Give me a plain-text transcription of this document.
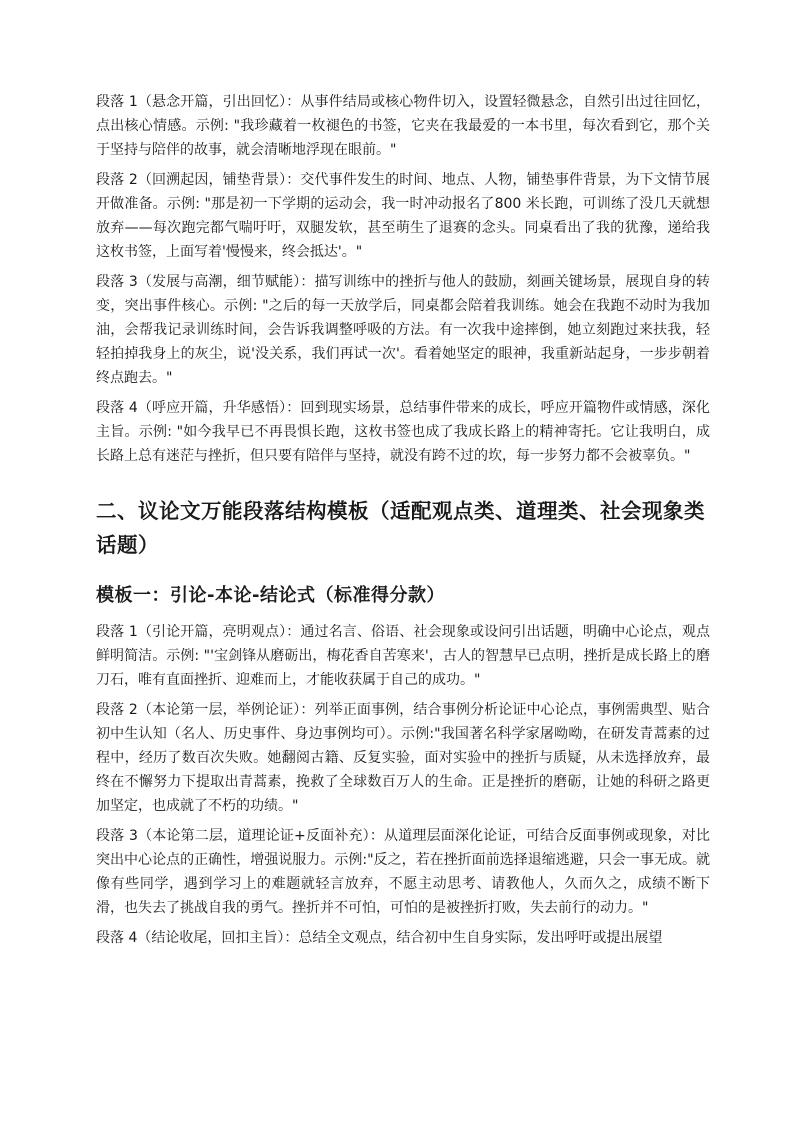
段落 1（悬念开篇，引出回忆）：从事件结局或核心物件切入，设置轻微悬念，自然引出过往回忆，点出核心情感。示例: "我珍藏着一枚褪色的书签，它夹在我最爱的一本书里，每次看到它，那个关于坚持与陪伴的故事，就会清晰地浮现在眼前。"

段落 2（回溯起因，铺垫背景）：交代事件发生的时间、地点、人物，铺垫事件背景，为下文情节展开做准备。示例: "那是初一下学期的运动会，我一时冲动报名了800 米长跑，可训练了没几天就想放弃——每次跑完都气喘吁吁，双腿发软，甚至萌生了退赛的念头。同桌看出了我的犹豫，递给我这枚书签，上面写着'慢慢来，终会抵达'。"

段落 3（发展与高潮，细节赋能）：描写训练中的挫折与他人的鼓励，刻画关键场景，展现自身的转变，突出事件核心。示例: "之后的每一天放学后，同桌都会陪着我训练。她会在我跑不动时为我加油，会帮我记录训练时间，会告诉我调整呼吸的方法。有一次我中途摔倒，她立刻跑过来扶我，轻轻拍掉我身上的灰尘，说'没关系，我们再试一次'。看着她坚定的眼神，我重新站起身，一步步朝着终点跑去。"

段落 4（呼应开篇，升华感悟）：回到现实场景，总结事件带来的成长，呼应开篇物件或情感，深化主旨。示例: "如今我早已不再畏惧长跑，这枚书签也成了我成长路上的精神寄托。它让我明白，成长路上总有迷茫与挫折，但只要有陪伴与坚持，就没有跨不过的坎，每一步努力都不会被辜负。"

二、议论文万能段落结构模板（适配观点类、道理类、社会现象类话题）
模板一：引论-本论-结论式（标准得分款）

段落 1（引论开篇，亮明观点）：通过名言、俗语、社会现象或设问引出话题，明确中心论点，观点鲜明简洁。示例: "'宝剑锋从磨砺出，梅花香自苦寒来'，古人的智慧早已点明，挫折是成长路上的磨刀石，唯有直面挫折、迎难而上，才能收获属于自己的成功。"

段落 2（本论第一层，举例论证）：列举正面事例，结合事例分析论证中心论点，事例需典型、贴合初中生认知（名人、历史事件、身边事例均可）。示例:"我国著名科学家屠呦呦，在研发青蒿素的过程中，经历了数百次失败。她翻阅古籍、反复实验，面对实验中的挫折与质疑，从未选择放弃，最终在不懈努力下提取出青蒿素，挽救了全球数百万人的生命。正是挫折的磨砺，让她的科研之路更加坚定，也成就了不朽的功绩。"

段落 3（本论第二层，道理论证+反面补充）：从道理层面深化论证，可结合反面事例或现象，对比突出中心论点的正确性，增强说服力。示例:"反之，若在挫折面前选择退缩逃避，只会一事无成。就像有些同学，遇到学习上的难题就轻言放弃，不愿主动思考、请教他人，久而久之，成绩不断下滑，也失去了挑战自我的勇气。挫折并不可怕，可怕的是被挫折打败，失去前行的动力。"

段落 4（结论收尾，回扣主旨）：总结全文观点，结合初中生自身实际，发出呼吁或提出展望
